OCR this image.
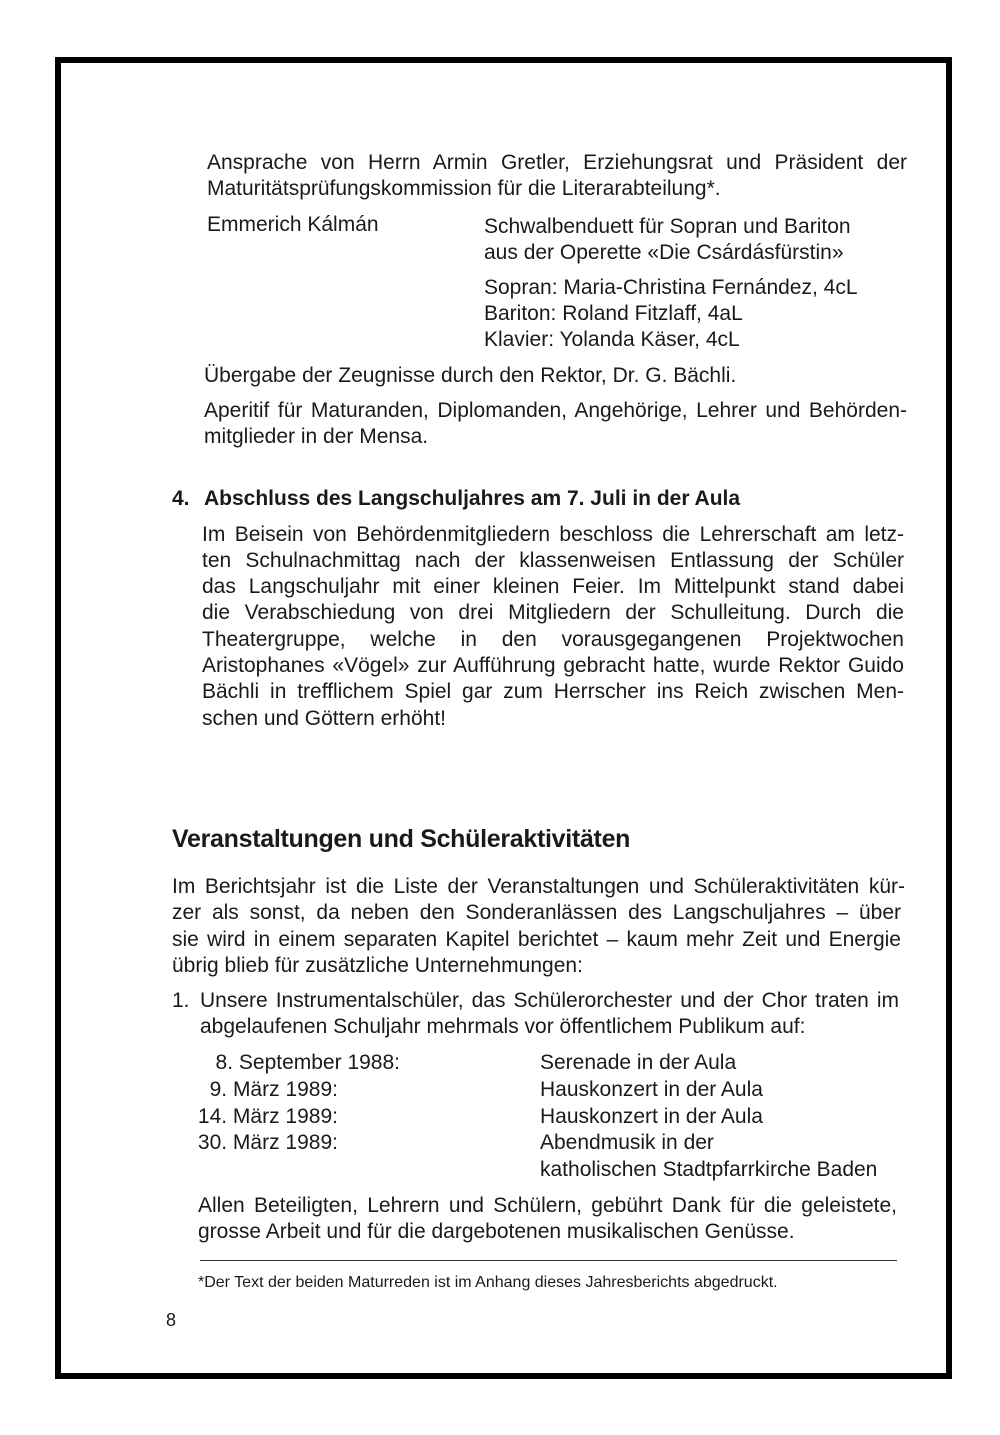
Ansprache von Herrn Armin Gretler, Erziehungsrat und Präsident der
Maturitätsprüfungskommission für die Literarabteilung*.
Emmerich Kálmán	Schwalbenduett für Sopran und Bariton
aus der Operette «Die Csárdásfürstin»
Sopran: Maria-Christina Fernández, 4cL
Bariton: Roland Fitzlaff, 4aL
Klavier: Yolanda Käser, 4cL
Übergabe der Zeugnisse durch den Rektor, Dr. G. Bächli.
Aperitif für Maturanden, Diplomanden, Angehörige, Lehrer und Behörden-
mitglieder in der Mensa.
4. Abschluss des Langschuljahres am 7. Juli in der Aula
Im Beisein von Behördenmitgliedern beschloss die Lehrerschaft am letz-
ten Schulnachmittag nach der klassenweisen Entlassung der Schüler
das Langschuljahr mit einer kleinen Feier. Im Mittelpunkt stand dabei
die Verabschiedung von drei Mitgliedern der Schulleitung. Durch die
Theatergruppe, welche in den vorausgegangenen Projektwochen
Aristophanes «Vögel» zur Aufführung gebracht hatte, wurde Rektor Guido
Bächli in trefflichem Spiel gar zum Herrscher ins Reich zwischen Men-
schen und Göttern erhöht!
Veranstaltungen und Schüleraktivitäten
Im Berichtsjahr ist die Liste der Veranstaltungen und Schüleraktivitäten kür-
zer als sonst, da neben den Sonderanlässen des Langschuljahres – über
sie wird in einem separaten Kapitel berichtet – kaum mehr Zeit und Energie
übrig blieb für zusätzliche Unternehmungen:
1. Unsere Instrumentalschüler, das Schülerorchester und der Chor traten im
abgelaufenen Schuljahr mehrmals vor öffentlichem Publikum auf:
8. September 1988:	Serenade in der Aula
9. März 1989:	Hauskonzert in der Aula
14. März 1989:	Hauskonzert in der Aula
30. März 1989:	Abendmusik in der
katholischen Stadtpfarrkirche Baden
Allen Beteiligten, Lehrern und Schülern, gebührt Dank für die geleistete,
grosse Arbeit und für die dargebotenen musikalischen Genüsse.
*Der Text der beiden Maturreden ist im Anhang dieses Jahresberichts abgedruckt.
8
